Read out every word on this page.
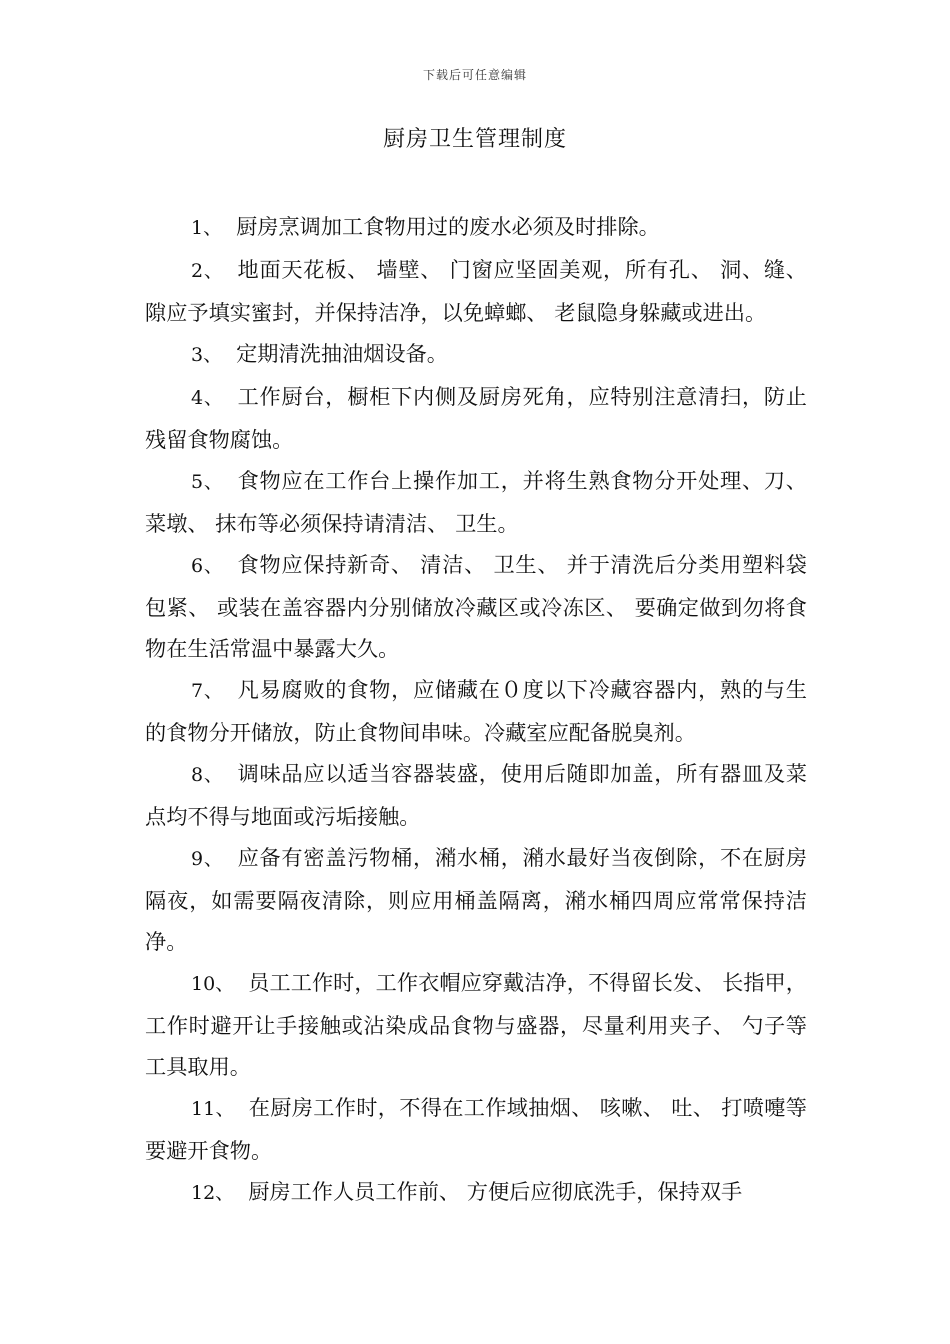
下载后可任意编辑
厨房卫生管理制度

1、 厨房烹调加工食物用过的废水必须及时排除。

2、 地面天花板、 墙壁、 门窗应坚固美观，所有孔、 洞、缝、 隙应予填实蜜封，并保持洁净，以免蟑螂、 老鼠隐身躲藏或进出。

3、 定期清洗抽油烟设备。

4、 工作厨台，橱柜下内侧及厨房死角，应特别注意清扫，防止残留食物腐蚀。

5、 食物应在工作台上操作加工，并将生熟食物分开处理、刀、 菜墩、 抹布等必须保持请清洁、 卫生。

6、 食物应保持新奇、 清洁、 卫生、 并于清洗后分类用塑料袋包紧、 或装在盖容器内分别储放冷藏区或冷冻区、 要确定做到勿将食物在生活常温中暴露大久。

7、 凡易腐败的食物，应储藏在０度以下冷藏容器内，熟的与生的食物分开储放，防止食物间串味。冷藏室应配备脱臭剂。

8、 调味品应以适当容器装盛，使用后随即加盖，所有器皿及菜点均不得与地面或污垢接触。

9、 应备有密盖污物桶，潲水桶，潲水最好当夜倒除，不在厨房隔夜，如需要隔夜清除，则应用桶盖隔离，潲水桶四周应常常保持洁净。

10、 员工工作时，工作衣帽应穿戴洁净，不得留长发、 长指甲，工作时避开让手接触或沾染成品食物与盛器，尽量利用夹子、 勺子等工具取用。

11、 在厨房工作时，不得在工作域抽烟、 咳嗽、 吐、 打喷嚏等要避开食物。

12、 厨房工作人员工作前、 方便后应彻底洗手，保持双手
